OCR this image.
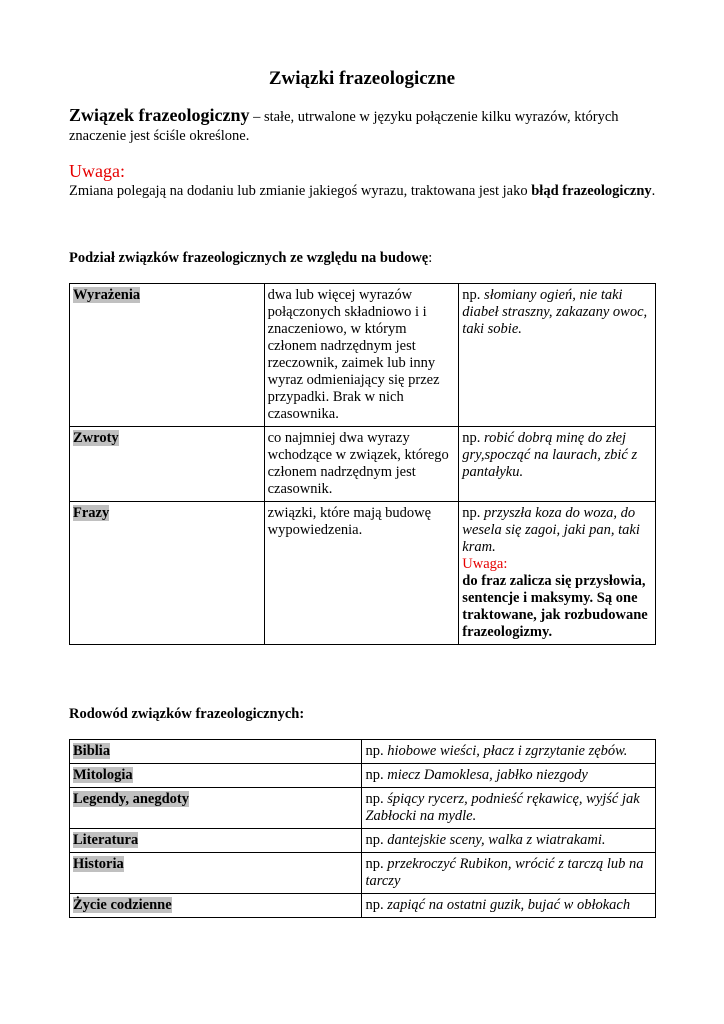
Związki frazeologiczne

Związek frazeologiczny – stałe, utrwalone w języku połączenie kilku wyrazów, których znaczenie jest ściśle określone.

Uwaga:

Zmiana polegają na dodaniu lub zmianie jakiegoś wyrazu, traktowana jest jako błąd frazeologiczny.

Podział związków frazeologicznych ze względu na budowę:

Wyrażenia	dwa lub więcej wyrazów połączonych składniowo i i znaczeniowo, w którym członem nadrzędnym jest rzeczownik, zaimek lub inny wyraz odmieniający się przez przypadki. Brak w nich czasownika.	np. słomiany ogień, nie taki diabeł straszny, zakazany owoc, taki sobie.
Zwroty	co najmniej dwa wyrazy wchodzące w związek, którego członem nadrzędnym jest czasownik.	np. robić dobrą minę do złej gry,spocząć na laurach, zbić z pantałyku.
Frazy	związki, które mają budowę wypowiedzenia.	np. przyszła koza do woza, do wesela się zagoi, jaki pan, taki kram.
Uwaga:
do fraz zalicza się przysłowia, sentencje i maksymy. Są one traktowane, jak rozbudowane frazeologizmy.

Rodowód związków frazeologicznych:

Biblia	np. hiobowe wieści, płacz i zgrzytanie zębów.
Mitologia	np. miecz Damoklesa, jabłko niezgody
Legendy, anegdoty	np. śpiący rycerz, podnieść rękawicę, wyjść jak Zabłocki na mydle.
Literatura	np. dantejskie sceny, walka z wiatrakami.
Historia	np. przekroczyć Rubikon, wrócić z tarczą lub na tarczy
Życie codzienne	np. zapiąć na ostatni guzik, bujać w obłokach
